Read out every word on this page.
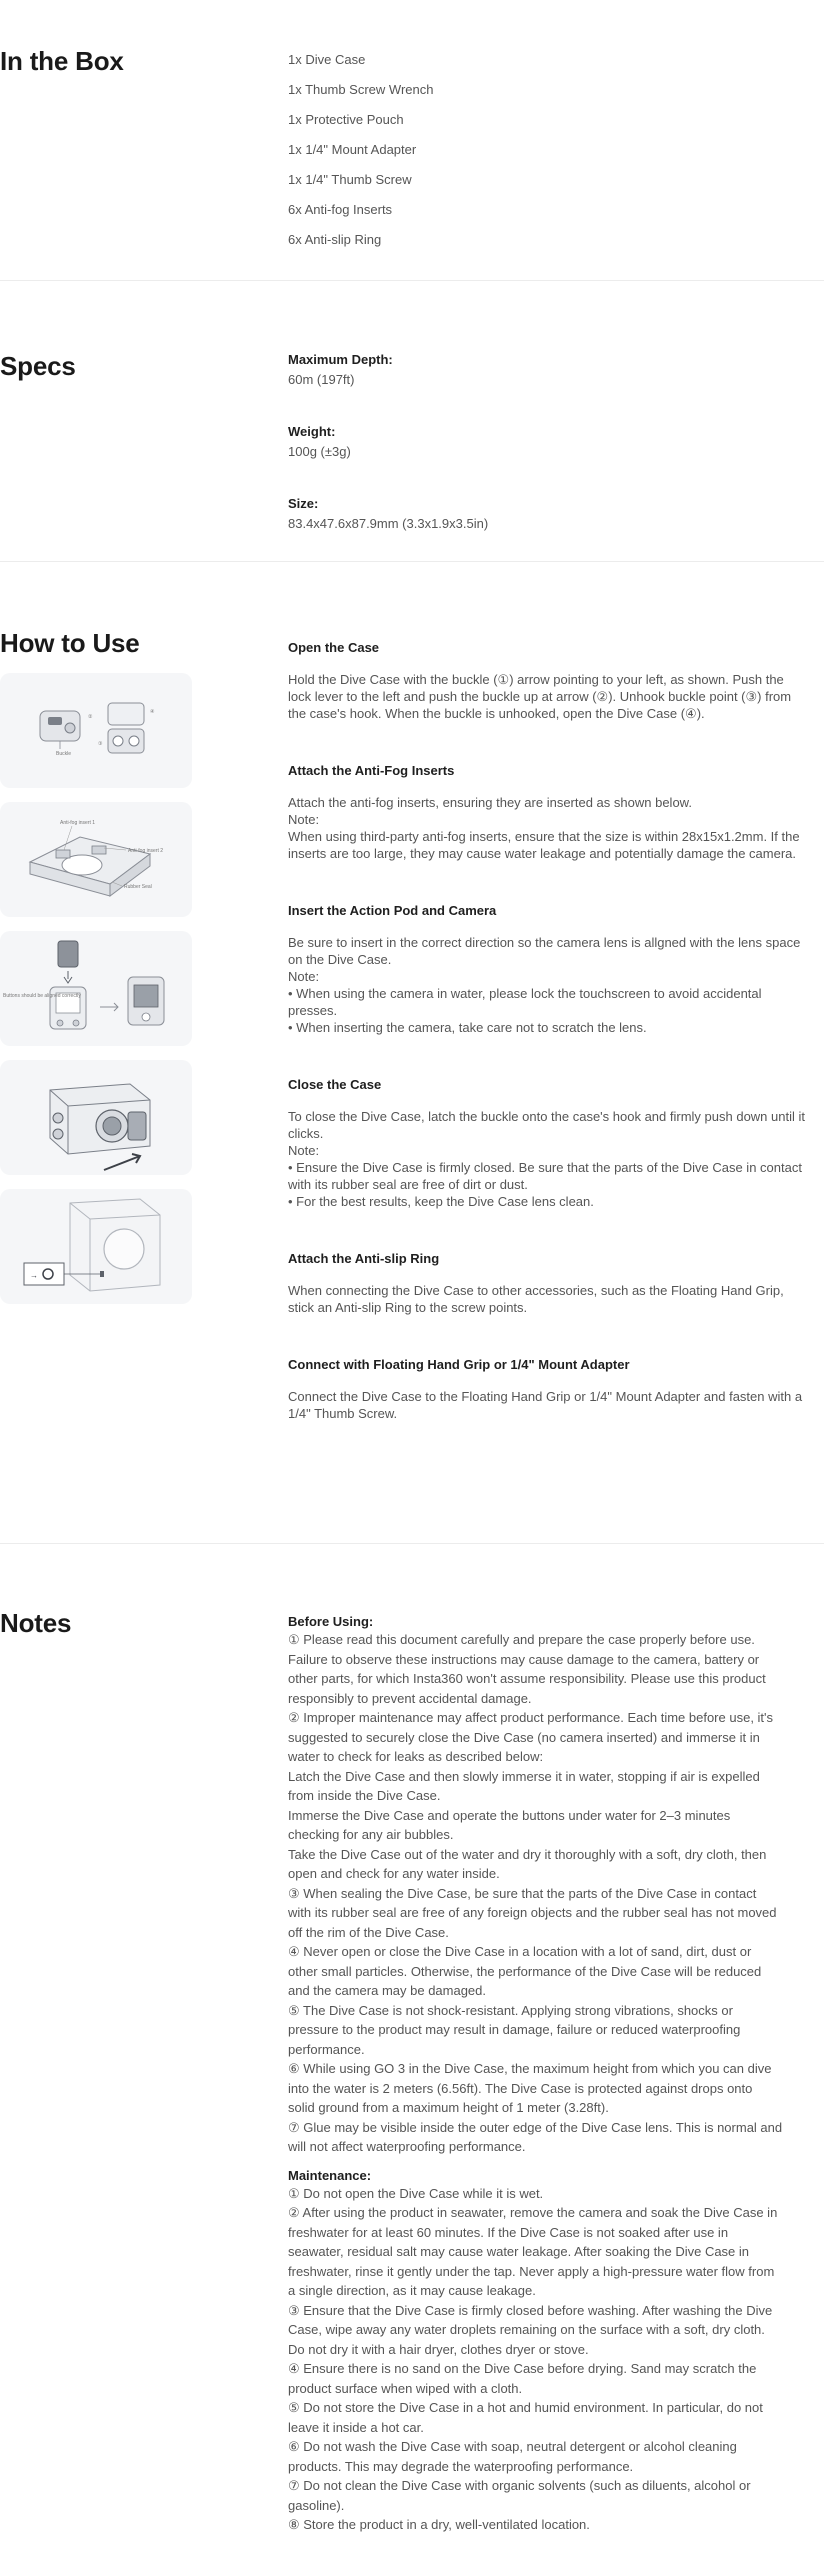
In the Box	1x Dive Case
1x Thumb Screw Wrench
1x Protective Pouch
1x 1/4" Mount Adapter
1x 1/4" Thumb Screw
6x Anti-fog Inserts
6x Anti-slip Ring
Specs	Maximum Depth:
60m (197ft)
Weight:
100g (±3g)
Size:
83.4x47.6x87.9mm (3.3x1.9x3.5in)
How to Use
Buckle
②
④
③
Anti-fog insert 1
Anti-fog insert 2
Rubber Seal
Buttons should be aligned correctly
→
Open the Case
Hold the Dive Case with the buckle (①) arrow pointing to your left, as shown. Push the lock lever to the left and push the buckle up at arrow (②). Unhook buckle point (③) from the case's hook. When the buckle is unhooked, open the Dive Case (④).
Attach the Anti-Fog Inserts
Attach the anti-fog inserts, ensuring they are inserted as shown below.
Note:
When using third-party anti-fog inserts, ensure that the size is within 28x15x1.2mm. If the inserts are too large, they may cause water leakage and potentially damage the camera.
Insert the Action Pod and Camera
Be sure to insert in the correct direction so the camera lens is allgned with the lens space on the Dive Case.
Note:
• When using the camera in water, please lock the touchscreen to avoid accidental presses.
• When inserting the camera, take care not to scratch the lens.
Close the Case
To close the Dive Case, latch the buckle onto the case's hook and firmly push down until it clicks.
Note:
• Ensure the Dive Case is firmly closed. Be sure that the parts of the Dive Case in contact with its rubber seal are free of dirt or dust.
• For the best results, keep the Dive Case lens clean.
Attach the Anti-slip Ring
When connecting the Dive Case to other accessories, such as the Floating Hand Grip, stick an Anti-slip Ring to the screw points.
Connect with Floating Hand Grip or 1/4" Mount Adapter
Connect the Dive Case to the Floating Hand Grip or 1/4" Mount Adapter and fasten with a 1/4" Thumb Screw.
Notes	Before Using:
① Please read this document carefully and prepare the case properly before use.
Failure to observe these instructions may cause damage to the camera, battery or
other parts, for which Insta360 won't assume responsibility. Please use this product
responsibly to prevent accidental damage.
② Improper maintenance may affect product performance. Each time before use, it's
suggested to securely close the Dive Case (no camera inserted) and immerse it in
water to check for leaks as described below:
Latch the Dive Case and then slowly immerse it in water, stopping if air is expelled
from inside the Dive Case.
Immerse the Dive Case and operate the buttons under water for 2–3 minutes
checking for any air bubbles.
Take the Dive Case out of the water and dry it thoroughly with a soft, dry cloth, then
open and check for any water inside.
③ When sealing the Dive Case, be sure that the parts of the Dive Case in contact
with its rubber seal are free of any foreign objects and the rubber seal has not moved
off the rim of the Dive Case.
④ Never open or close the Dive Case in a location with a lot of sand, dirt, dust or
other small particles. Otherwise, the performance of the Dive Case will be reduced
and the camera may be damaged.
⑤ The Dive Case is not shock-resistant. Applying strong vibrations, shocks or
pressure to the product may result in damage, failure or reduced waterproofing
performance.
⑥ While using GO 3 in the Dive Case, the maximum height from which you can dive
into the water is 2 meters (6.56ft). The Dive Case is protected against drops onto
solid ground from a maximum height of 1 meter (3.28ft).
⑦ Glue may be visible inside the outer edge of the Dive Case lens. This is normal and
will not affect waterproofing performance.
Maintenance:
① Do not open the Dive Case while it is wet.
② After using the product in seawater, remove the camera and soak the Dive Case in
freshwater for at least 60 minutes. If the Dive Case is not soaked after use in
seawater, residual salt may cause water leakage. After soaking the Dive Case in
freshwater, rinse it gently under the tap. Never apply a high-pressure water flow from
a single direction, as it may cause leakage.
③ Ensure that the Dive Case is firmly closed before washing. After washing the Dive
Case, wipe away any water droplets remaining on the surface with a soft, dry cloth.
Do not dry it with a hair dryer, clothes dryer or stove.
④ Ensure there is no sand on the Dive Case before drying. Sand may scratch the
product surface when wiped with a cloth.
⑤ Do not store the Dive Case in a hot and humid environment. In particular, do not
leave it inside a hot car.
⑥ Do not wash the Dive Case with soap, neutral detergent or alcohol cleaning
products. This may degrade the waterproofing performance.
⑦ Do not clean the Dive Case with organic solvents (such as diluents, alcohol or
gasoline).
⑧ Store the product in a dry, well-ventilated location.
